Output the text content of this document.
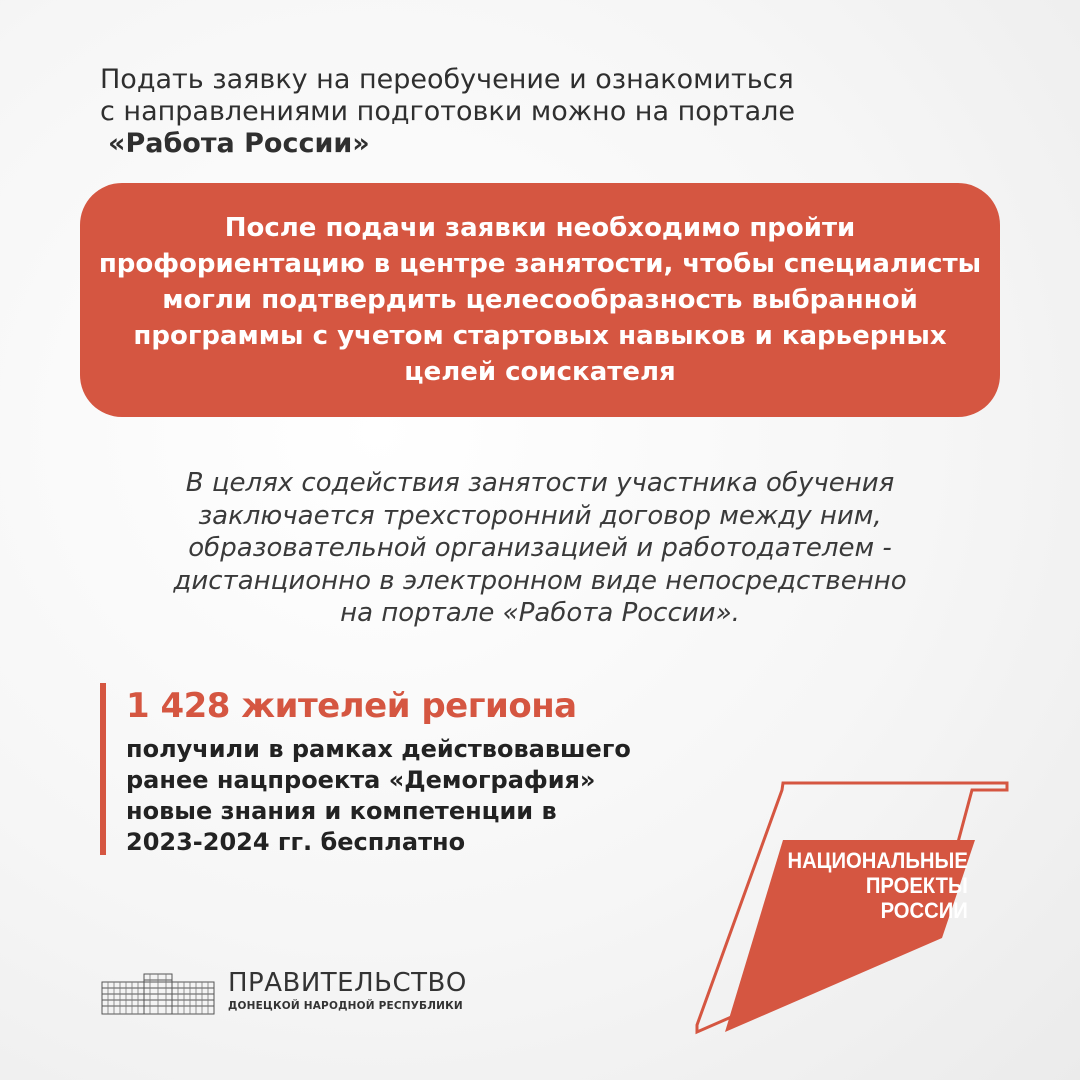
Подать заявку на переобучение и ознакомиться
с направлениями подготовки можно на портале
«Работа России»

После подачи заявки необходимо пройти
профориентацию в центре занятости, чтобы специалисты
могли подтвердить целесообразность выбранной
программы с учетом стартовых навыков и карьерных
целей соискателя

В целях содействия занятости участника обучения
заключается трехсторонний договор между ним,
образовательной организацией и работодателем -
дистанционно в электронном виде непосредственно
на портале «Работа России».

1 428 жителей региона

получили в рамках действовавшего
ранее нацпроекта «Демография»
новые знания и компетенции в
2023-2024 гг. бесплатно

НАЦИОНАЛЬНЫЕ
ПРОЕКТЫ
РОССИИ

ПРАВИТЕЛЬСТВО

ДОНЕЦКОЙ НАРОДНОЙ РЕСПУБЛИКИ
